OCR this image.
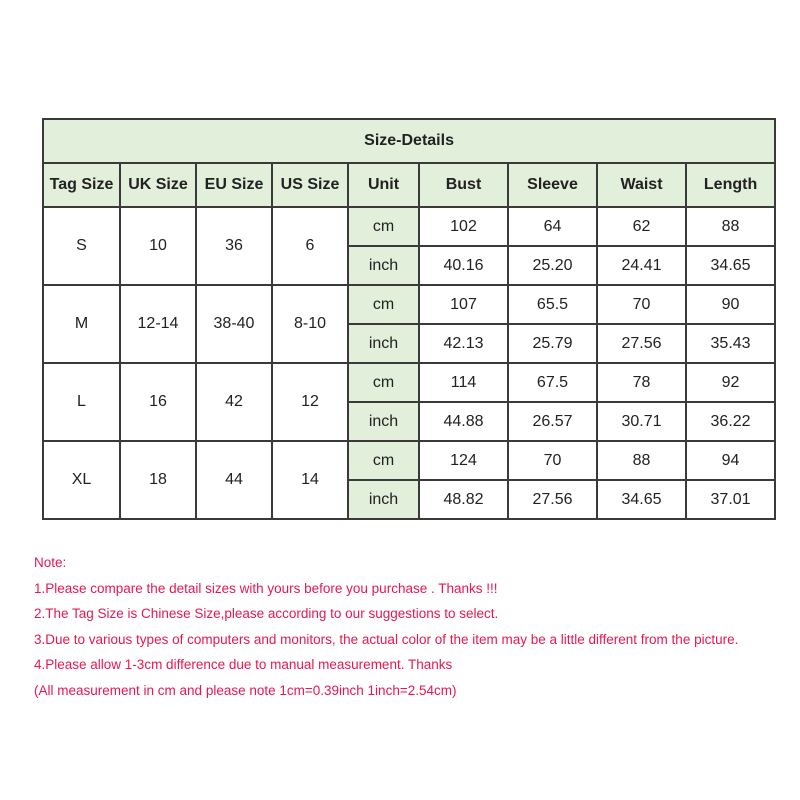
Size-Details								
Tag Size	UK Size	EU Size	US Size	Unit	Bust	Sleeve	Waist	Length
S	10	36	6	cm	102	64	62	88
				inch	40.16	25.20	24.41	34.65
M	12-14	38-40	8-10	cm	107	65.5	70	90
				inch	42.13	25.79	27.56	35.43
L	16	42	12	cm	114	67.5	78	92
				inch	44.88	26.57	30.71	36.22
XL	18	44	14	cm	124	70	88	94
				inch	48.82	27.56	34.65	37.01
Note:
1.Please compare the detail sizes with yours before you purchase . Thanks !!!
2.The Tag Size is Chinese Size,please according to our suggestions to select.
3.Due to various types of computers and monitors, the actual color of the item may be a little different from the picture.
4.Please allow 1-3cm difference due to manual measurement. Thanks
(All measurement in cm and please note 1cm=0.39inch 1inch=2.54cm)
